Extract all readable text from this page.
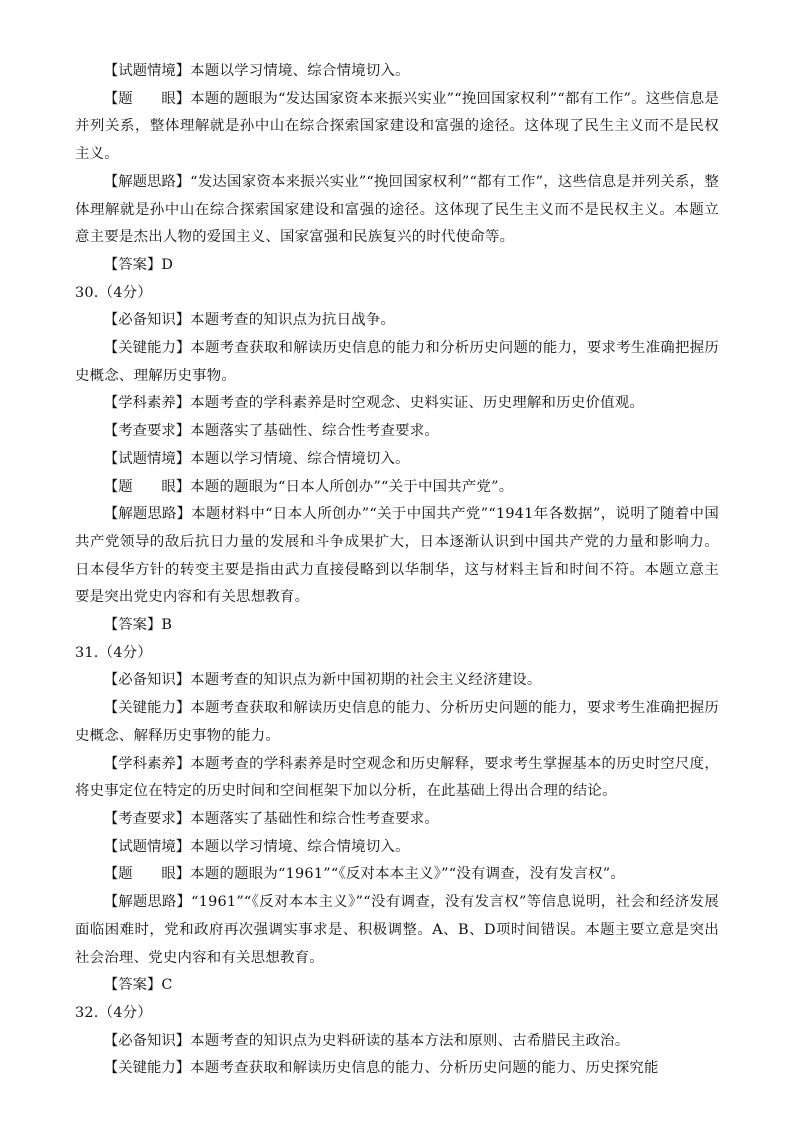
【试题情境】本题以学习情境、综合情境切入。

【题　　眼】本题的题眼为“发达国家资本来振兴实业”“挽回国家权利”“都有工作”。这些信息是并列关系，整体理解就是孙中山在综合探索国家建设和富强的途径。这体现了民生主义而不是民权主义。

【解题思路】“发达国家资本来振兴实业”“挽回国家权利”“都有工作”，这些信息是并列关系，整体理解就是孙中山在综合探索国家建设和富强的途径。这体现了民生主义而不是民权主义。本题立意主要是杰出人物的爱国主义、国家富强和民族复兴的时代使命等。

【答案】D

30.（4分）

【必备知识】本题考查的知识点为抗日战争。

【关键能力】本题考查获取和解读历史信息的能力和分析历史问题的能力，要求考生准确把握历史概念、理解历史事物。

【学科素养】本题考查的学科素养是时空观念、史料实证、历史理解和历史价值观。

【考查要求】本题落实了基础性、综合性考查要求。

【试题情境】本题以学习情境、综合情境切入。

【题　　眼】本题的题眼为“日本人所创办”“关于中国共产党”。

【解题思路】本题材料中“日本人所创办”“关于中国共产党”“1941年各数据”，说明了随着中国共产党领导的敌后抗日力量的发展和斗争成果扩大，日本逐渐认识到中国共产党的力量和影响力。日本侵华方针的转变主要是指由武力直接侵略到以华制华，这与材料主旨和时间不符。本题立意主要是突出党史内容和有关思想教育。

【答案】B

31.（4分）

【必备知识】本题考查的知识点为新中国初期的社会主义经济建设。

【关键能力】本题考查获取和解读历史信息的能力、分析历史问题的能力，要求考生准确把握历史概念、解释历史事物的能力。

【学科素养】本题考查的学科素养是时空观念和历史解释，要求考生掌握基本的历史时空尺度，将史事定位在特定的历史时间和空间框架下加以分析，在此基础上得出合理的结论。

【考查要求】本题落实了基础性和综合性考查要求。

【试题情境】本题以学习情境、综合情境切入。

【题　　眼】本题的题眼为“1961”“《反对本本主义》”“没有调查，没有发言权”。

【解题思路】“1961”“《反对本本主义》”“没有调查，没有发言权”等信息说明，社会和经济发展面临困难时，党和政府再次强调实事求是、积极调整。A、B、D项时间错误。本题主要立意是突出社会治理、党史内容和有关思想教育。

【答案】C

32.（4分）

【必备知识】本题考查的知识点为史料研读的基本方法和原则、古希腊民主政治。

【关键能力】本题考查获取和解读历史信息的能力、分析历史问题的能力、历史探究能
